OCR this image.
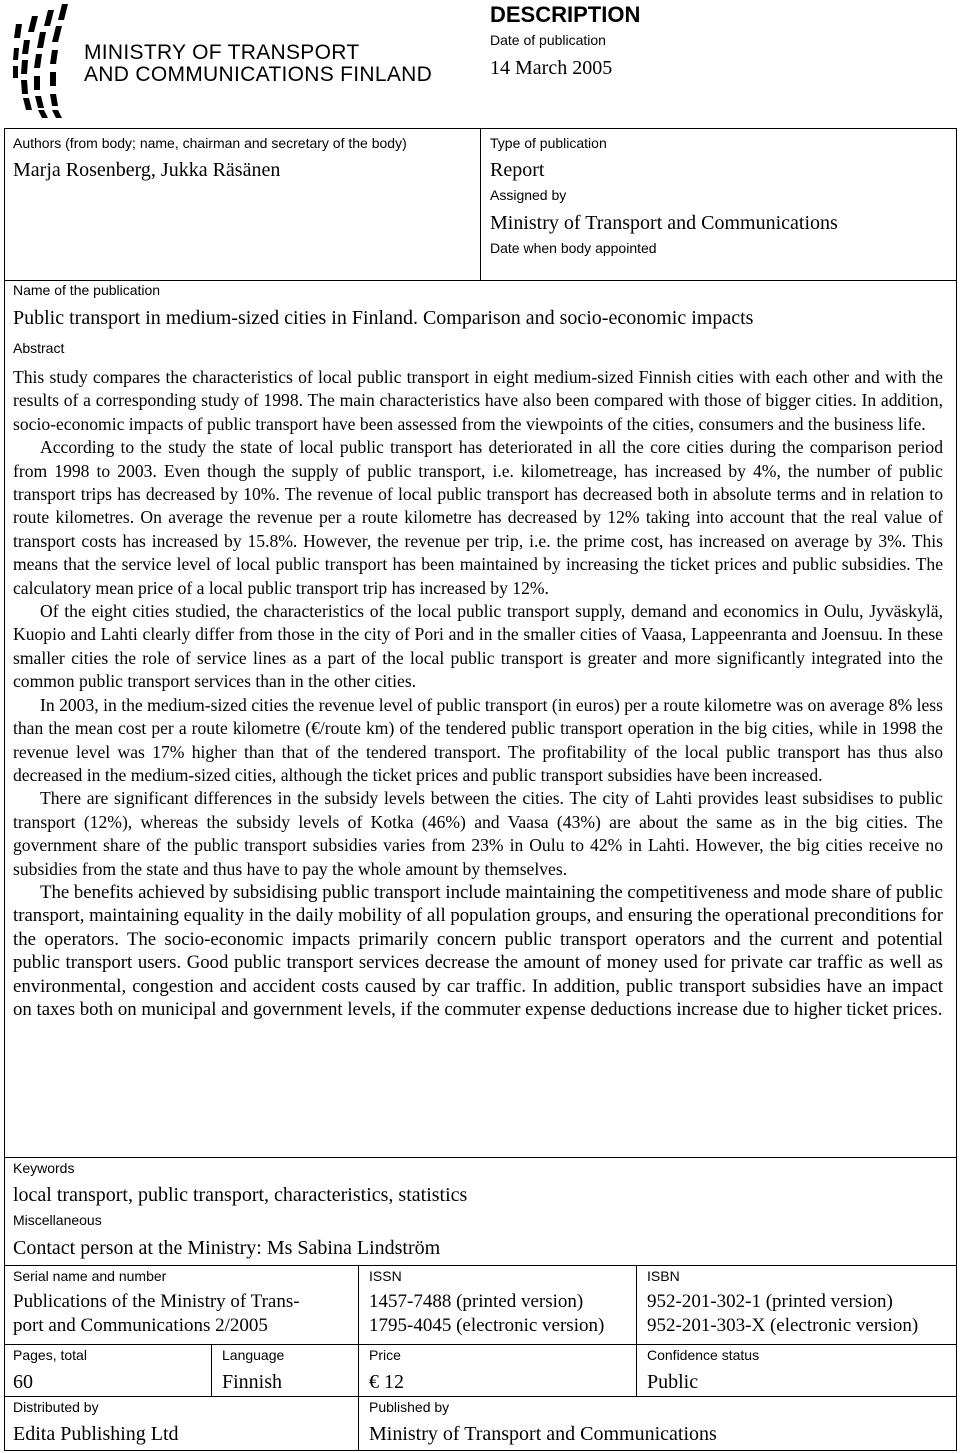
MINISTRY OF TRANSPORT
AND COMMUNICATIONS FINLAND
DESCRIPTION
Date of publication
14 March 2005
Authors (from body; name, chairman and secretary of the body)
Marja Rosenberg, Jukka Räsänen
Type of publication
Report
Assigned by
Ministry of Transport and Communications
Date when body appointed
Name of the publication
Public transport in medium-sized cities in Finland. Comparison and socio-economic impacts
Abstract

This study compares the characteristics of local public transport in eight medium-sized Finnish cities with each other and with the results of a corresponding study of 1998. The main characteristics have also been compared with those of bigger cities. In addition, socio-economic impacts of public transport have been assessed from the viewpoints of the cities, consumers and the business life.

According to the study the state of local public transport has deteriorated in all the core cities during the comparison period from 1998 to 2003. Even though the supply of public transport, i.e. kilometreage, has increased by 4%, the number of public transport trips has decreased by 10%. The revenue of local public transport has decreased both in absolute terms and in relation to route kilometres. On average the revenue per a route kilometre has decreased by 12% taking into account that the real value of transport costs has increased by 15.8%. However, the revenue per trip, i.e. the prime cost, has increased on average by 3%. This means that the service level of local public transport has been maintained by increasing the ticket prices and public subsidies. The calculatory mean price of a local public transport trip has increased by 12%.

Of the eight cities studied, the characteristics of the local public transport supply, demand and economics in Oulu, Jyväskylä, Kuopio and Lahti clearly differ from those in the city of Pori and in the smaller cities of Vaasa, Lappeenranta and Joensuu. In these smaller cities the role of service lines as a part of the local public transport is greater and more significantly integrated into the common public transport services than in the other cities.

In 2003, in the medium-sized cities the revenue level of public transport (in euros) per a route kilometre was on average 8% less than the mean cost per a route kilometre (€/route km) of the tendered public transport operation in the big cities, while in 1998 the revenue level was 17% higher than that of the tendered transport. The profitability of the local public transport has thus also decreased in the medium-sized cities, although the ticket prices and public transport subsidies have been increased.

There are significant differences in the subsidy levels between the cities. The city of Lahti provides least subsidises to public transport (12%), whereas the subsidy levels of Kotka (46%) and Vaasa (43%) are about the same as in the big cities. The government share of the public transport subsidies varies from 23% in Oulu to 42% in Lahti. However, the big cities receive no subsidies from the state and thus have to pay the whole amount by themselves.

The benefits achieved by subsidising public transport include maintaining the competitiveness and mode share of public transport, maintaining equality in the daily mobility of all population groups, and ensuring the operational preconditions for the operators. The socio-economic impacts primarily concern public transport operators and the current and potential public transport users. Good public transport services decrease the amount of money used for private car traffic as well as environmental, congestion and accident costs caused by car traffic. In addition, public transport subsidies have an impact on taxes both on municipal and government levels, if the commuter expense deductions increase due to higher ticket prices.

Keywords
local transport, public transport, characteristics, statistics
Miscellaneous
Contact person at the Ministry: Ms Sabina Lindström
Serial name and number
Publications of the Ministry of Trans-
port and Communications 2/2005
ISSN
1457-7488 (printed version)
1795-4045 (electronic version)
ISBN
952-201-302-1 (printed version)
952-201-303-X (electronic version)
Pages, total
60
Language
Finnish
Price
€ 12
Confidence status
Public
Distributed by
Edita Publishing Ltd
Published by
Ministry of Transport and Communications
